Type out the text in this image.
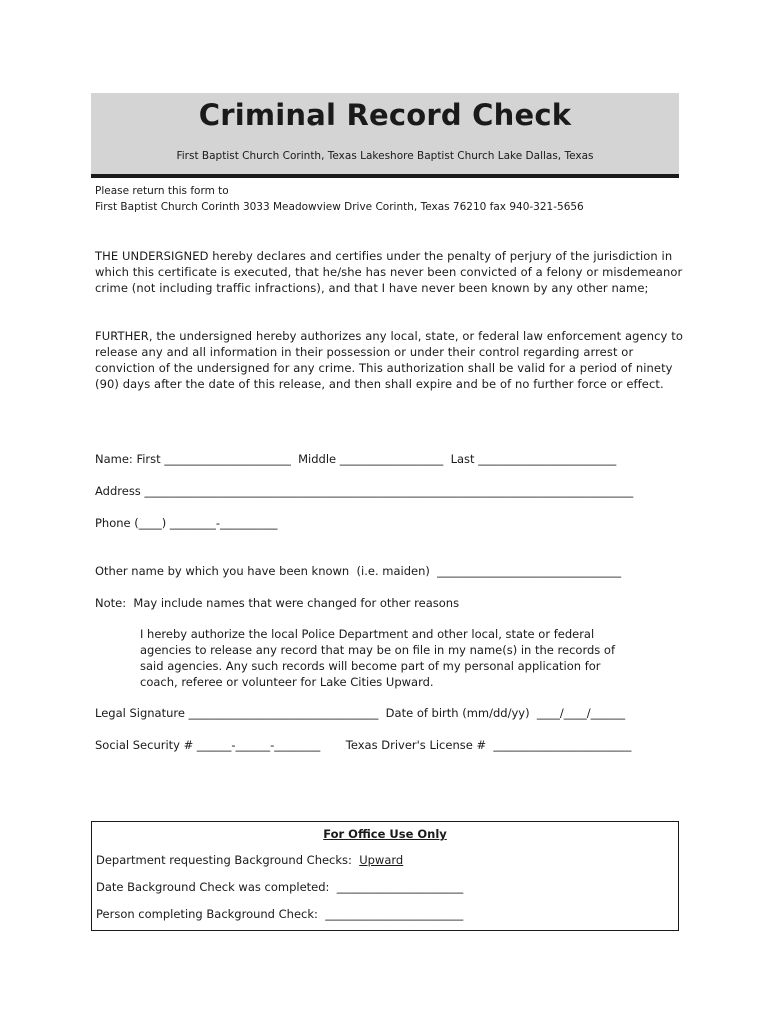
Criminal Record Check
First Baptist Church Corinth, Texas Lakeshore Baptist Church Lake Dallas, Texas
Please return this form to
First Baptist Church Corinth 3033 Meadowview Drive Corinth, Texas 76210 fax 940-321-5656
THE UNDERSIGNED hereby declares and certifies under the penalty of perjury of the jurisdiction in which this certificate is executed, that he/she has never been convicted of a felony or misdemeanor crime (not including traffic infractions), and that I have never been known by any other name;
FURTHER, the undersigned hereby authorizes any local, state, or federal law enforcement agency to release any and all information in their possession or under their control regarding arrest or conviction of the undersigned for any crime. This authorization shall be valid for a period of ninety (90) days after the date of this release, and then shall expire and be of no further force or effect.
Name: First ______________________  Middle __________________  Last ________________________
Address _____________________________________________________________________________________
Phone (____) ________-__________
Other name by which you have been known  (i.e. maiden)  ________________________________
Note:  May include names that were changed for other reasons
I hereby authorize the local Police Department and other local, state or federal agencies to release any record that may be on file in my name(s) in the records of said agencies. Any such records will become part of my personal application for coach, referee or volunteer for Lake Cities Upward.
Legal Signature _________________________________  Date of birth (mm/dd/yy)  ____/____/______
Social Security # ______-______-________       Texas Driver's License #  ________________________
For Office Use Only
Department requesting Background Checks:  Upward
Date Background Check was completed:  ______________________
Person completing Background Check:  ________________________
